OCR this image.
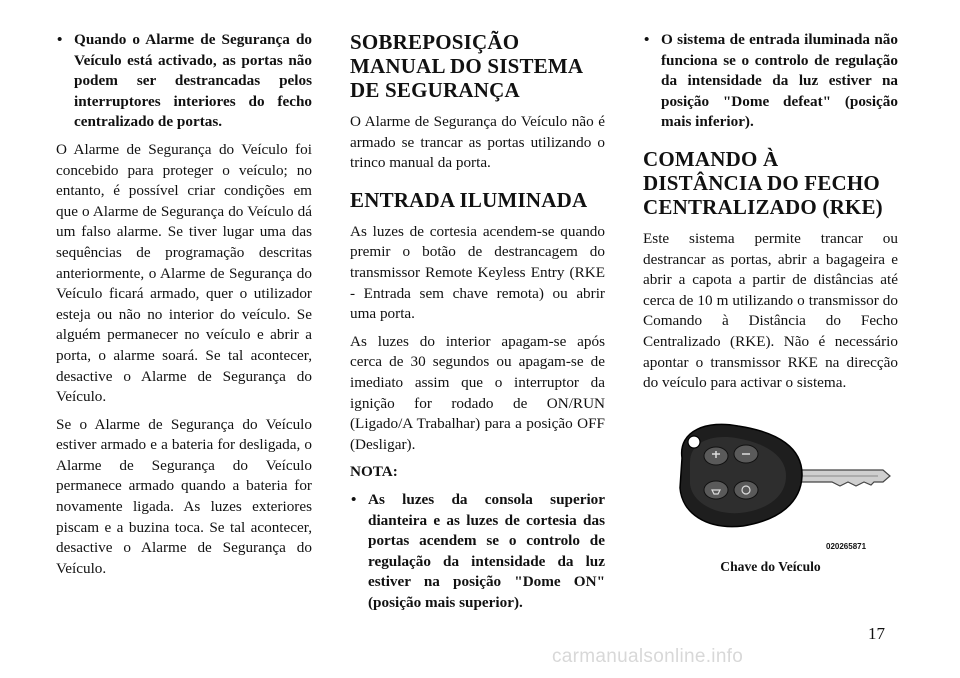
• Quando o Alarme de Segurança do Veículo está activado, as portas não podem ser destrancadas pelos interruptores interiores do fecho centralizado de portas.

O Alarme de Segurança do Veículo foi concebido para proteger o veículo; no entanto, é possível criar condições em que o Alarme de Segurança do Veículo dá um falso alarme. Se tiver lugar uma das sequências de programação descritas anteriormente, o Alarme de Segurança do Veículo ficará armado, quer o utilizador esteja ou não no interior do veículo. Se alguém permanecer no veículo e abrir a porta, o alarme soará. Se tal acontecer, desactive o Alarme de Segurança do Veículo.

Se o Alarme de Segurança do Veículo estiver armado e a bateria for desligada, o Alarme de Segurança do Veículo permanece armado quando a bateria for novamente ligada. As luzes exteriores piscam e a buzina toca. Se tal acontecer, desactive o Alarme de Segurança do Veículo.

SOBREPOSIÇÃO MANUAL DO SISTEMA DE SEGURANÇA

O Alarme de Segurança do Veículo não é armado se trancar as portas utilizando o trinco manual da porta.

ENTRADA ILUMINADA

As luzes de cortesia acendem-se quando premir o botão de destrancagem do transmissor Remote Keyless Entry (RKE - Entrada sem chave remota) ou abrir uma porta.

As luzes do interior apagam-se após cerca de 30 segundos ou apagam-se de imediato assim que o interruptor da ignição for rodado de ON/RUN (Ligado/A Trabalhar) para a posição OFF (Desligar).

NOTA:
• As luzes da consola superior dianteira e as luzes de cortesia das portas acendem se o controlo de regulação da intensidade da luz estiver na posição "Dome ON" (posição mais superior).
• O sistema de entrada iluminada não funciona se o controlo de regulação da intensidade da luz estiver na posição "Dome defeat" (posição mais inferior).
COMANDO À DISTÂNCIA DO FECHO CENTRALIZADO (RKE)

Este sistema permite trancar ou destrancar as portas, abrir a bagageira e abrir a capota a partir de distâncias até cerca de 10 m utilizando o transmissor do Comando à Distância do Fecho Centralizado (RKE). Não é necessário apontar o transmissor RKE na direcção do veículo para activar o sistema.

020265871
Chave do Veículo
17
carmanualsonline.info
